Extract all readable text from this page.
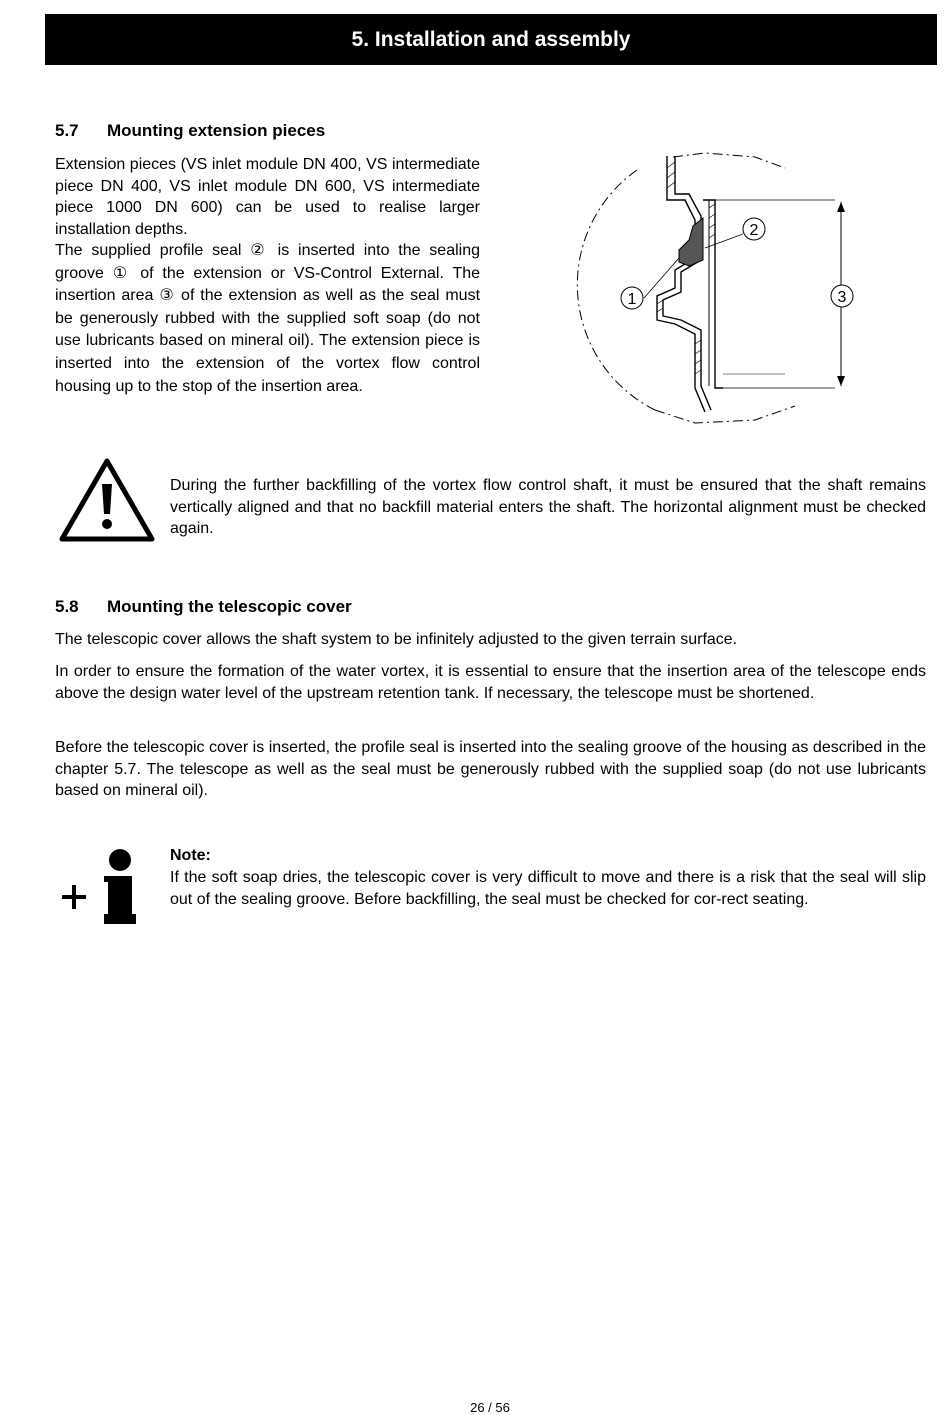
5 . Installation and assembly
5.7	Mounting extension pieces

Extension pieces (VS inlet module DN 400, VS intermediate piece DN 400, VS inlet module DN 600, VS intermediate piece 1000 DN 600) can be used to realise larger installation depths.

The supplied profile seal ② is inserted into the sealing groove ① of the extension or VS-Control External. The insertion area ③ of the extension as well as the seal must be generously rubbed with the supplied soft soap (do not use lubricants based on mineral oil). The extension piece is inserted into the extension of the vortex flow control housing up to the stop of the insertion area.

1
2
3

During the further backfilling of the vortex flow control shaft, it must be ensured that the shaft remains vertically aligned and that no backfill material enters the shaft. The horizontal alignment must be checked again.

5.8	Mounting the telescopic cover

The telescopic cover allows the shaft system to be infinitely adjusted to the given terrain surface.

In order to ensure the formation of the water vortex, it is essential to ensure that the insertion area of the telescope ends above the design water level of the upstream retention tank. If necessary, the telescope must be shortened.

Before the telescopic cover is inserted, the profile seal is inserted into the sealing groove of the housing as described in the chapter 5.7. The telescope as well as the seal must be generously rubbed with the supplied soap (do not use lubricants based on mineral oil).

Note:

If the soft soap dries, the telescopic cover is very difficult to move and there is a risk that the seal will slip out of the sealing groove. Before backfilling, the seal must be checked for cor-rect seating.

26 / 56
